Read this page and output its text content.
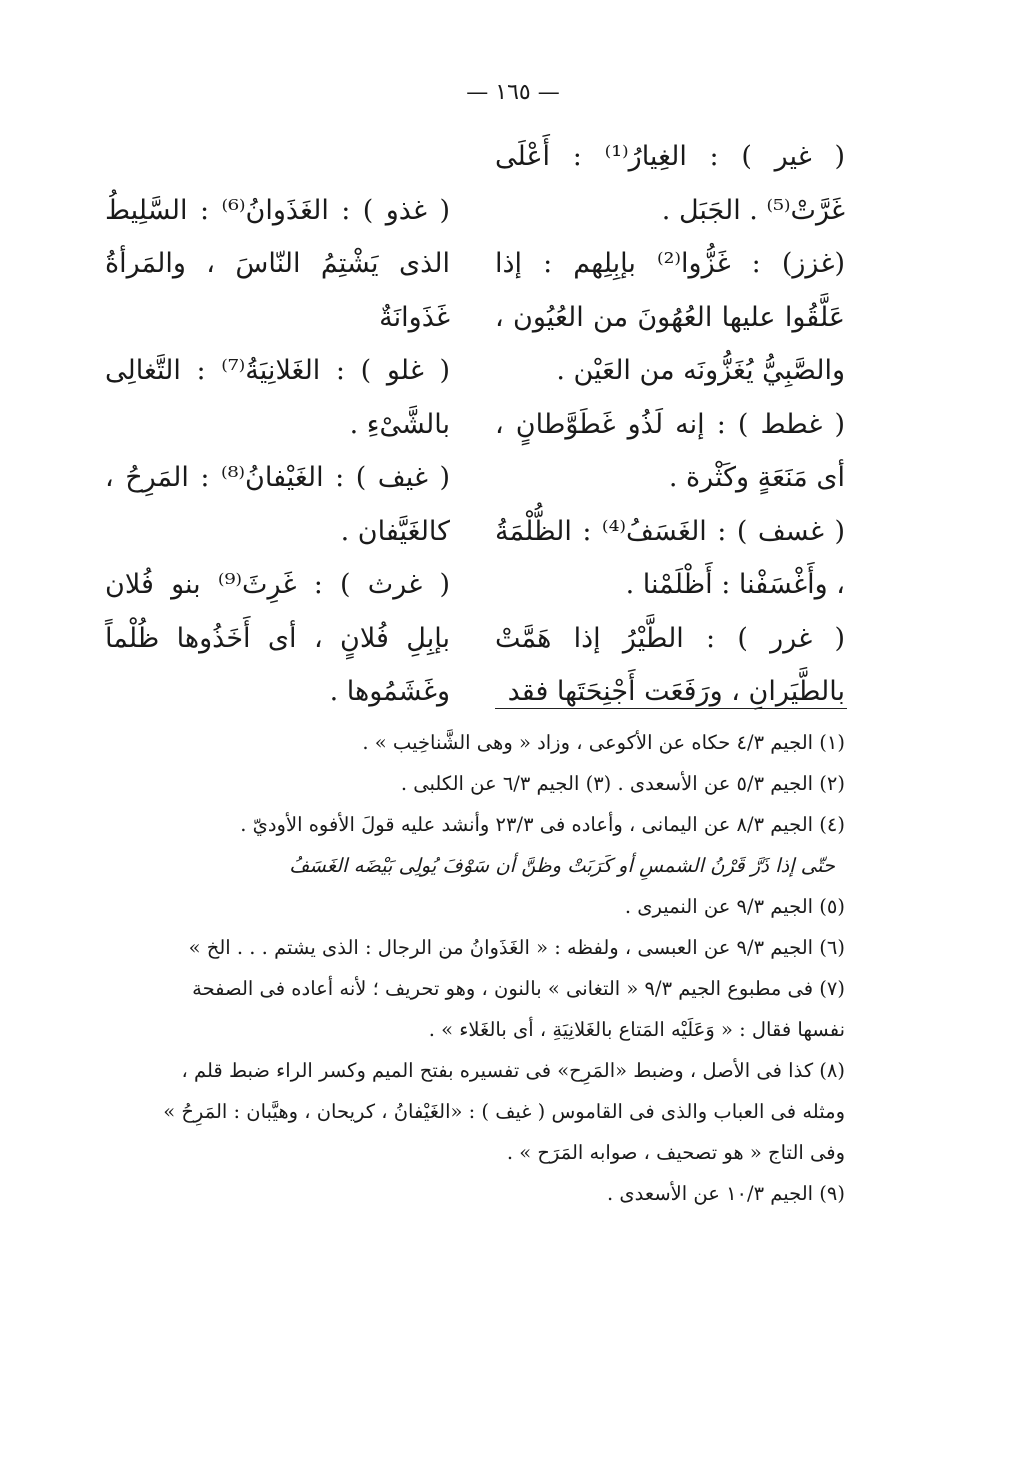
— ١٦٥ —

( غير ) : الغِيارُ⁽¹⁾ : أَعْلَى غَرَّتْ⁽⁵⁾ . الجَبَل .

(غزز) : غَزُّوا⁽²⁾ بإبِلِهم : إذا عَلَّقُوا عليها العُهُونَ من العُيُون ، والصَّبِيُّ يُغَزُّونَه من العَيْن .

( غطط ) : إنه لَذُو غَطَوَّطانٍ ، أى مَنَعَةٍ وكَثْرة .

( غسف ) : الغَسَفُ⁽⁴⁾ : الظُّلْمَةُ ، وأَغْسَفْنا : أَظْلَمْنا .

( غرر ) : الطَّيْرُ إذا هَمَّتْ بالطَّيَرانِ ، ورَفَعَت أَجْنِحَتَها فقد

( غذو ) : الغَذَوانُ⁽⁶⁾ : السَّلِيطُ الذى يَشْتِمُ النّاسَ ، والمَرأةُ غَذَوانَةٌ

( غلو ) : الغَلانِيَةُ⁽⁷⁾ : التَّغالِى بالشَّىْءِ .

( غيف ) : الغَيْفانُ⁽⁸⁾ : المَرِحُ ، كالغَيَّفان .

( غرث ) : غَرِثَ⁽⁹⁾ بنو فُلان بإبِلِ فُلانٍ ، أى أَخَذُوها ظُلْماً وغَشَمُوها .

(١) الجيم ٤/٣ حكاه عن الأكوعى ، وزاد « وهى الشَّناخِيب » .

(٢) الجيم ٥/٣ عن الأسعدى . (٣) الجيم ٦/٣ عن الكلبى .

(٤) الجيم ٨/٣ عن اليمانى ، وأعاده فى ٢٣/٣ وأنشد عليه قولَ الأفوه الأوديّ .

حتّى إذا ذَرَّ قَرْنُ الشمسِ أو كَرَبَتْ وظنَّ أن سَوْفَ يُولِى بَيْضَه الغَسَفُ

(٥) الجيم ٩/٣ عن النميرى .

(٦) الجيم ٩/٣ عن العبسى ، ولفظه : « الغَذَوانُ من الرجال : الذى يشتم . . . الخ »

(٧) فى مطبوع الجيم ٩/٣ « التغانى » بالنون ، وهو تحريف ؛ لأنه أعاده فى الصفحة

نفسها فقال : « وَعَلَيْه المَتاع بالغَلانِيَةِ ، أى بالغَلاء » .

(٨) كذا فى الأصل ، وضبط «المَرِح» فى تفسيره بفتح الميم وكسر الراء ضبط قلم ،

ومثله فى العباب والذى فى القاموس ( غيف ) : «الغَيْفانُ ، كريحان ، وهيَّبان : المَرِحُ »

وفى التاج « هو تصحيف ، صوابه المَرَح » .

(٩) الجيم ١٠/٣ عن الأسعدى .
